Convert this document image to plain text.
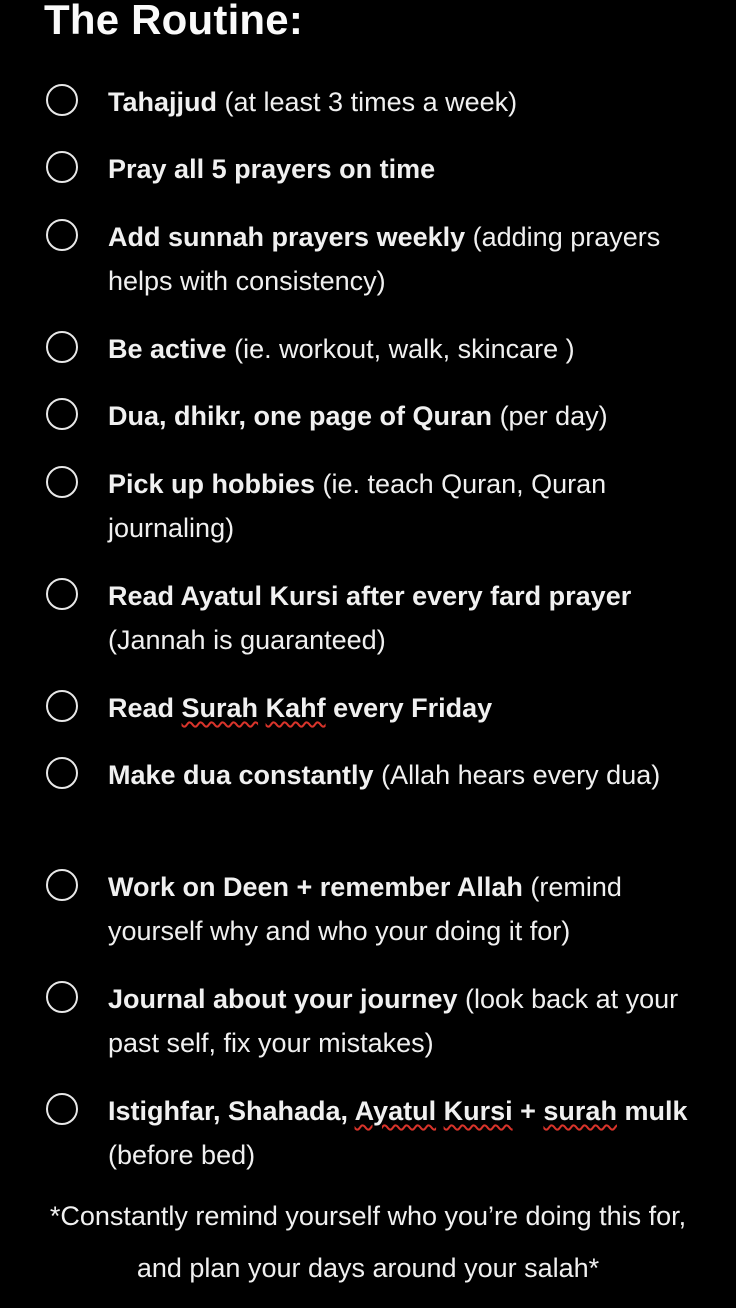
The Routine:
Tahajjud (at least 3 times a week)
Pray all 5 prayers on time
Add sunnah prayers weekly (adding prayers helps with consistency)
Be active (ie. workout, walk, skincare )
Dua, dhikr, one page of Quran (per day)
Pick up hobbies (ie. teach Quran, Quran journaling)
Read Ayatul Kursi after every fard prayer (Jannah is guaranteed)
Read Surah Kahf every Friday
Make dua constantly (Allah hears every dua)
Work on Deen + remember Allah (remind yourself why and who your doing it for)
Journal about your journey (look back at your past self, fix your mistakes)
Istighfar, Shahada, Ayatul Kursi + surah mulk (before bed)
*Constantly remind yourself who you’re doing this for, and plan your days around your salah*
